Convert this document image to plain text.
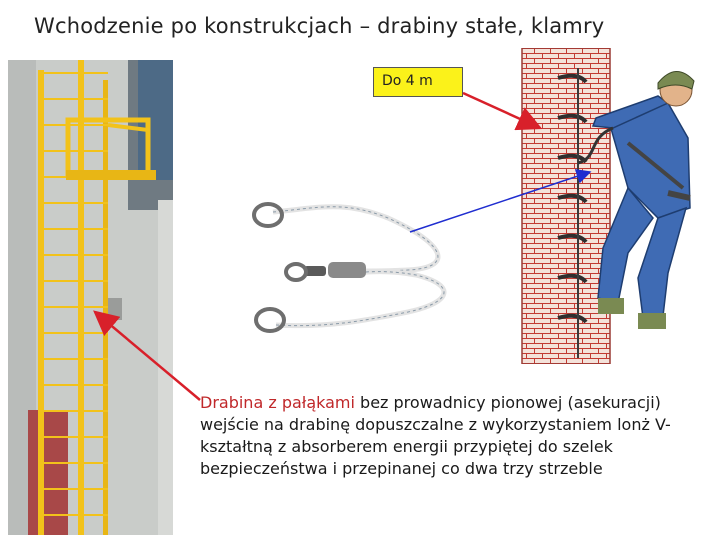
Wchodzenie po konstrukcjach – drabiny stałe, klamry
Do 4 m
Drabina z pałąkami bez prowadnicy pionowej (asekuracji) wejście na drabinę dopuszczalne z wykorzystaniem lonż V-kształtną z absorberem energii przypiętej do szelek bezpieczeństwa i przepinanej co dwa trzy strzeble
